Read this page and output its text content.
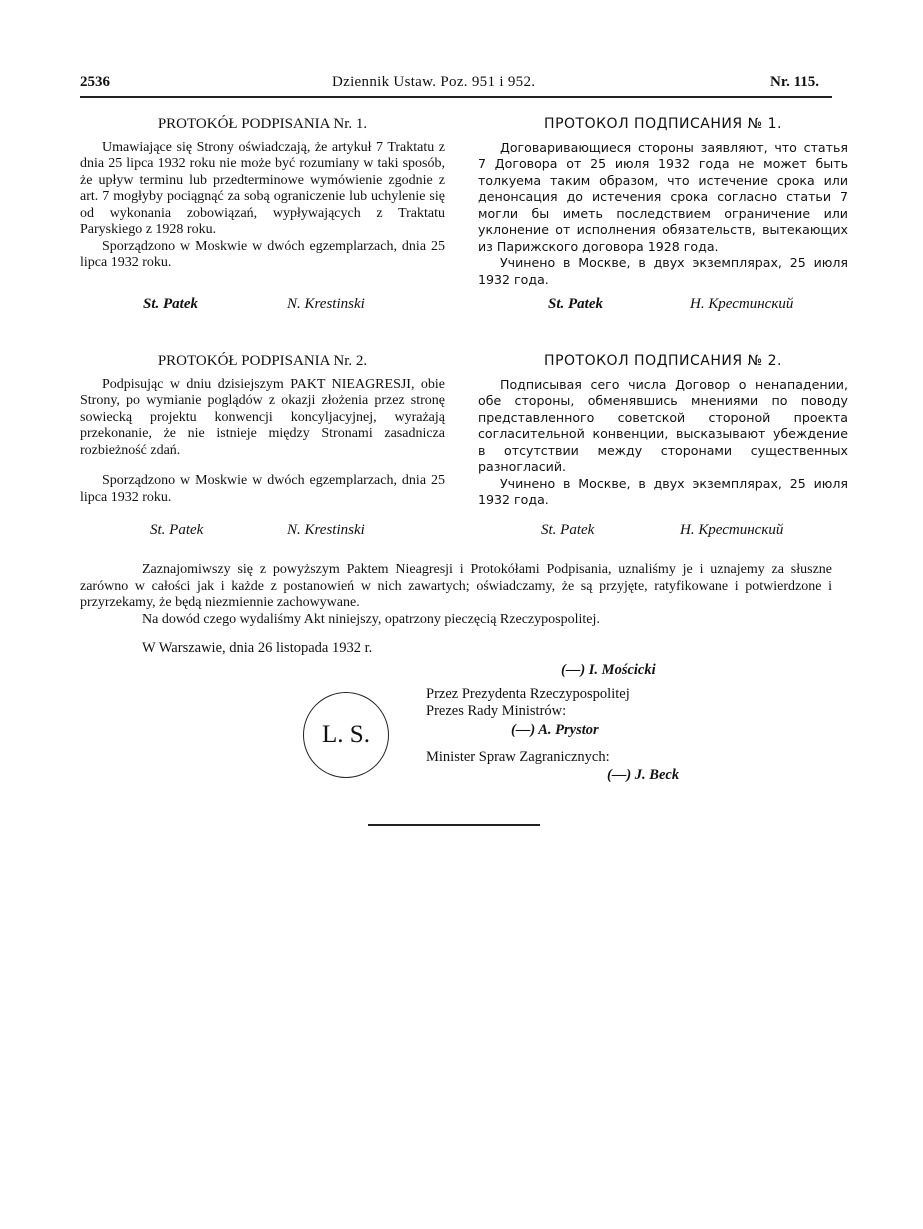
2536	Dziennik Ustaw. Poz. 951 i 952.	Nr. 115.
PROTOKÓŁ PODPISANIA Nr. 1.

Umawiające się Strony oświadczają, że artykuł 7 Traktatu z dnia 25 lipca 1932 roku nie może być rozumiany w taki sposób, że upływ terminu lub przedterminowe wymówienie zgodnie z art. 7 mogłyby pociągnąć za sobą ograniczenie lub uchylenie się od wykonania zobowiązań, wypływających z Traktatu Paryskiego z 1928 roku.

Sporządzono w Moskwie w dwóch egzemplarzach, dnia 25 lipca 1932 roku.

ПРОТОКОЛ ПОДПИСАНИЯ № 1.

Договаривающиеся стороны заявляют, что статья 7 Договора от 25 июля 1932 года не может быть толкуема таким образом, что истечение срока или денонсация до истечения срока согласно статьи 7 могли бы иметь последствием ограничение или уклонение от исполнения обязательств, вытекающих из Парижского договора 1928 года.

Учинено в Москве, в двух экземплярах, 25 июля 1932 года.

St. Patek	N. Krestinski	St. Patek	Н. Крестинский
PROTOKÓŁ PODPISANIA Nr. 2.

Podpisując w dniu dzisiejszym PAKT NIEAGRESJI, obie Strony, po wymianie poglądów z okazji złożenia przez stronę sowiecką projektu konwencji koncyljacyjnej, wyrażają przekonanie, że nie istnieje między Stronami zasadnicza rozbieżność zdań.

Sporządzono w Moskwie w dwóch egzemplarzach, dnia 25 lipca 1932 roku.

ПРОТОКОЛ ПОДПИСАНИЯ № 2.

Подписывая сего числа Договор о ненападении, обе стороны, обменявшись мнениями по поводу представленного советской стороной проекта согласительной конвенции, высказывают убеждение в отсутствии между сторонами существенных разногласий.

Учинено в Москве, в двух экземплярах, 25 июля 1932 года.

St. Patek	N. Krestinski	St. Patek	Н. Крестинский

Zaznajomiwszy się z powyższym Paktem Nieagresji i Protokółami Podpisania, uznaliśmy je i uznajemy za słuszne zarówno w całości jak i każde z postanowień w nich zawartych; oświadczamy, że są przyjęte, ratyfikowane i potwierdzone i przyrzekamy, że będą niezmiennie zachowywane.

Na dowód czego wydaliśmy Akt niniejszy, opatrzony pieczęcią Rzeczypospolitej.

W Warszawie, dnia 26 listopada 1932 r.
(—) I. Mościcki
Przez Prezydenta Rzeczypospolitej
Prezes Rady Ministrów:
(—) A. Prystor
Minister Spraw Zagranicznych:
(—) J. Beck
L. S.
